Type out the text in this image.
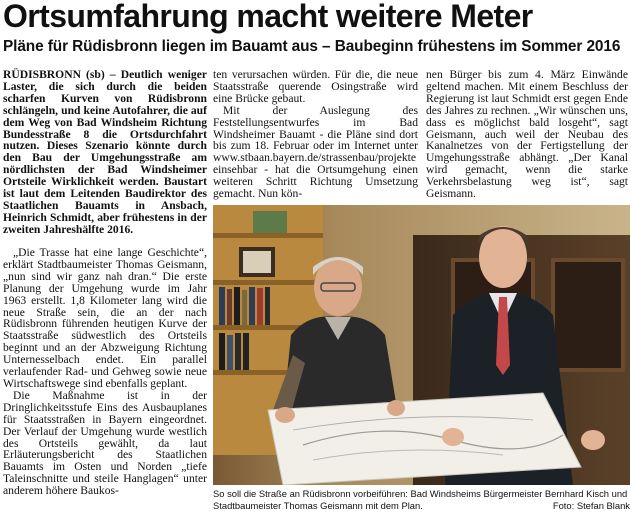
Ortsumfahrung macht weitere Meter
Pläne für Rüdisbronn liegen im Bauamt aus – Baubeginn frühestens im Sommer 2016

RÜDISBRONN (sb) – Deutlich weniger Laster, die sich durch die beiden scharfen Kurven von Rüdisbronn schlängeln, und keine Autofahrer, die auf dem Weg von Bad Windsheim Richtung Bundesstraße 8 die Ortsdurchfahrt nutzen. Dieses Szenario könnte durch den Bau der Umgehungsstraße am nördlichsten der Bad Windsheimer Ortsteile Wirklichkeit werden. Baustart ist laut dem Leitenden Baudirektor des Staatlichen Bauamts in Ansbach, Heinrich Schmidt, aber frühestens in der zweiten Jahreshälfte 2016.

„Die Trasse hat eine lange Geschichte“, erklärt Stadtbaumeister Thomas Geismann, „nun sind wir ganz nah dran.“ Die erste Planung der Umgehung wurde im Jahr 1963 erstellt. 1,8 Kilometer lang wird die neue Straße sein, die an der nach Rüdisbronn führenden heutigen Kurve der Staatsstraße südwestlich des Ortsteils beginnt und an der Abzweigung Richtung Unternesselbach endet. Ein parallel verlaufender Rad- und Gehweg sowie neue Wirtschaftswege sind ebenfalls geplant.

Die Maßnahme ist in der Dringlichkeitsstufe Eins des Ausbauplanes für Staatsstraßen in Bayern eingeordnet. Der Verlauf der Umgehung wurde westlich des Ortsteils gewählt, da laut Erläuterungsbericht des Staatlichen Bauamts im Osten und Norden „tiefe Taleinschnitte und steile Hanglagen“ unter anderem höhere Baukos-

ten verursachen würden. Für die, die neue Staatsstraße querende Osingstraße wird eine Brücke gebaut.

Mit der Auslegung des Feststellungsentwurfes im Bad Windsheimer Bauamt - die Pläne sind dort bis zum 18. Februar oder im Internet unter www.stbaan.bayern.de/strassenbau/projekte einsehbar - hat die Ortsumgehung einen weiteren Schritt Richtung Umsetzung gemacht. Nun kön-

nen Bürger bis zum 4. März Einwände geltend machen. Mit einem Beschluss der Regierung ist laut Schmidt erst gegen Ende des Jahres zu rechnen. „Wir wünschen uns, dass es möglichst bald losgeht“, sagt Geismann, auch weil der Neubau des Kanalnetzes von der Fertigstellung der Umgehungsstraße abhängt. „Der Kanal wird gemacht, wenn die starke Verkehrsbelastung weg ist“, sagt Geismann.

So soll die Straße an Rüdisbronn vorbeiführen: Bad Windsheims Bürgermeister Bernhard Kisch und Stadtbaumeister Thomas Geismann mit dem Plan.	Foto: Stefan Blank
